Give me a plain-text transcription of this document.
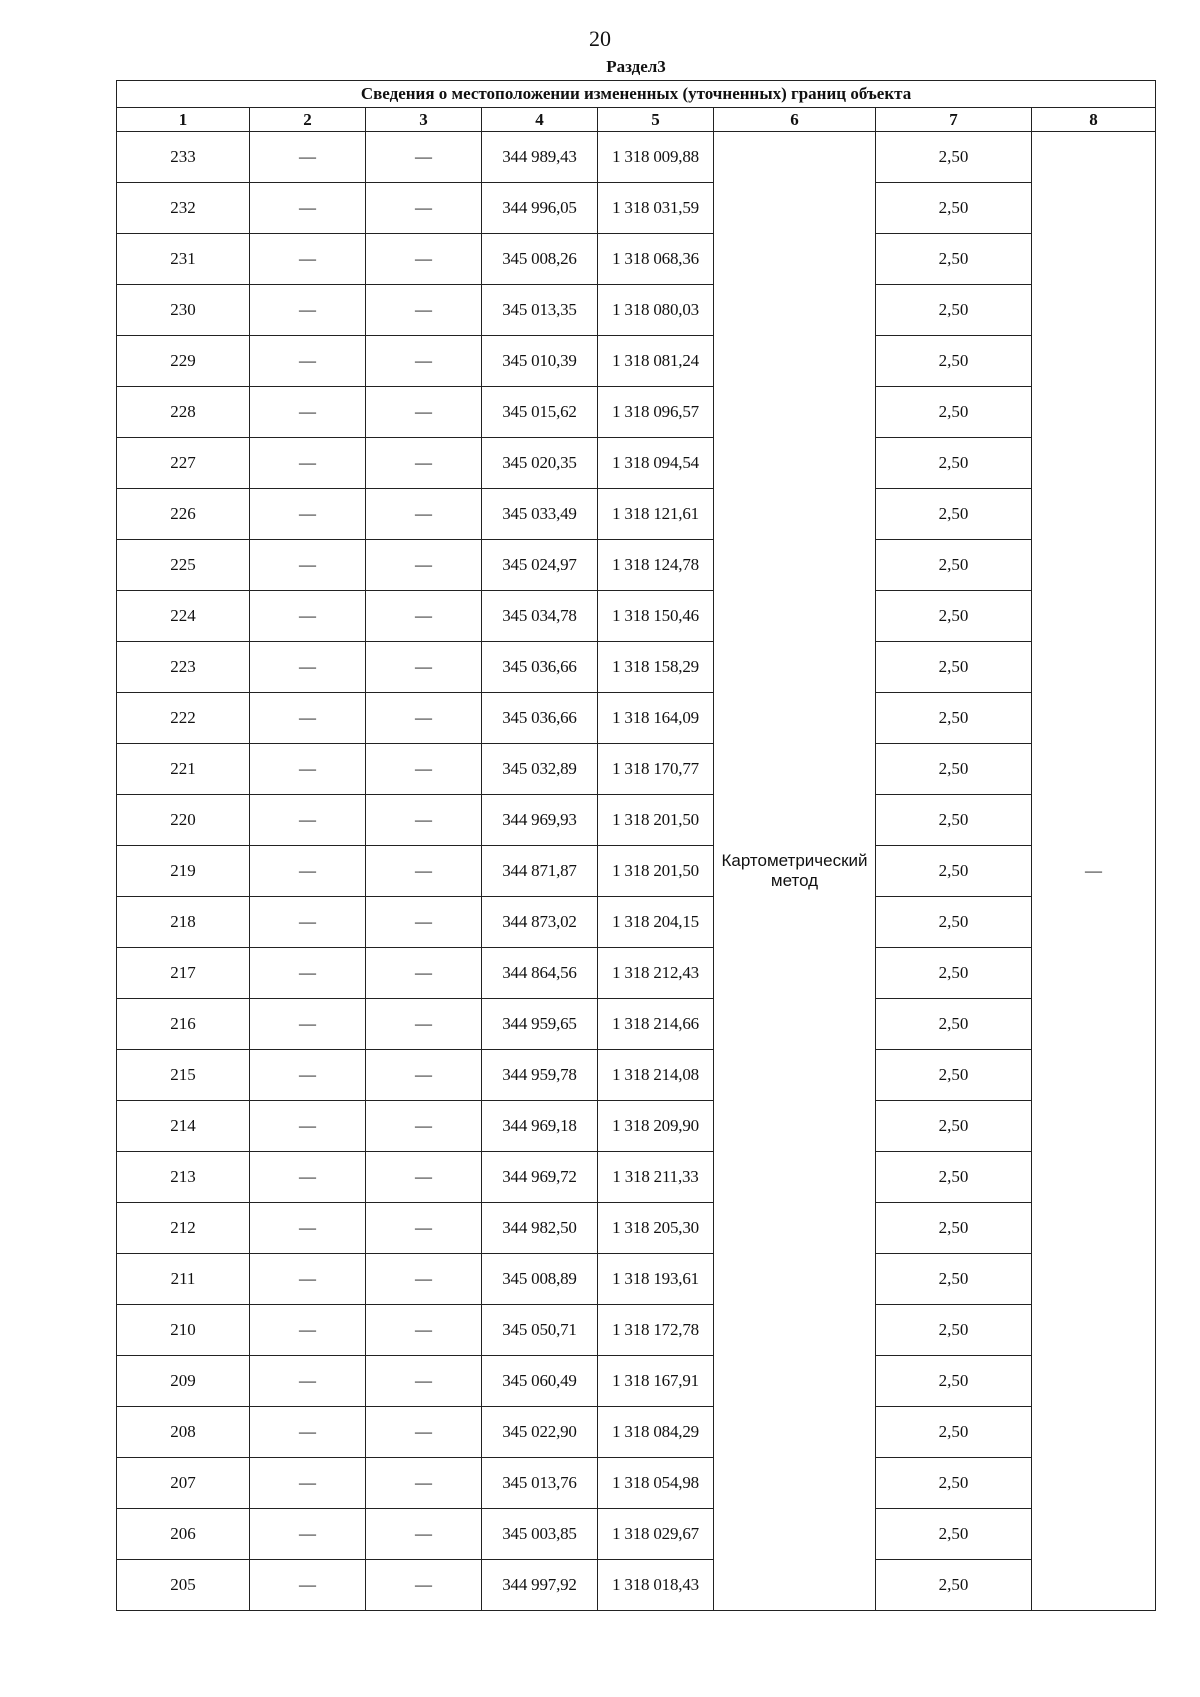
20
Раздел3
Сведения о местоположении измененных (уточненных) границ объекта							
1	2	3	4	5	6	7	8
233	—	—	344 989,43	1 318 009,88	Картометрический метод	2,50	—
232	—	—	344 996,05	1 318 031,59		2,50	
231	—	—	345 008,26	1 318 068,36		2,50	
230	—	—	345 013,35	1 318 080,03		2,50	
229	—	—	345 010,39	1 318 081,24		2,50	
228	—	—	345 015,62	1 318 096,57		2,50	
227	—	—	345 020,35	1 318 094,54		2,50	
226	—	—	345 033,49	1 318 121,61		2,50	
225	—	—	345 024,97	1 318 124,78		2,50	
224	—	—	345 034,78	1 318 150,46		2,50	
223	—	—	345 036,66	1 318 158,29		2,50	
222	—	—	345 036,66	1 318 164,09		2,50	
221	—	—	345 032,89	1 318 170,77		2,50	
220	—	—	344 969,93	1 318 201,50		2,50	
219	—	—	344 871,87	1 318 201,50		2,50	
218	—	—	344 873,02	1 318 204,15		2,50	
217	—	—	344 864,56	1 318 212,43		2,50	
216	—	—	344 959,65	1 318 214,66		2,50	
215	—	—	344 959,78	1 318 214,08		2,50	
214	—	—	344 969,18	1 318 209,90		2,50	
213	—	—	344 969,72	1 318 211,33		2,50	
212	—	—	344 982,50	1 318 205,30		2,50	
211	—	—	345 008,89	1 318 193,61		2,50	
210	—	—	345 050,71	1 318 172,78		2,50	
209	—	—	345 060,49	1 318 167,91		2,50	
208	—	—	345 022,90	1 318 084,29		2,50	
207	—	—	345 013,76	1 318 054,98		2,50	
206	—	—	345 003,85	1 318 029,67		2,50	
205	—	—	344 997,92	1 318 018,43		2,50	
